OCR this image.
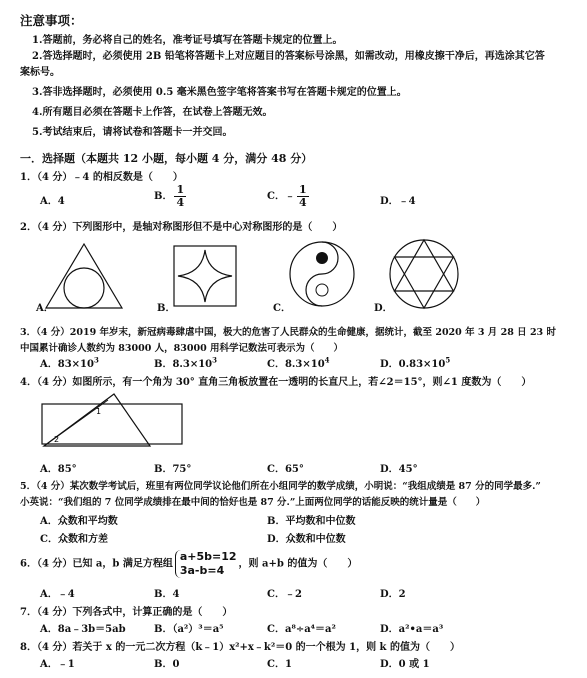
注意事项：
1.答题前，务必将自己的姓名，准考证号填写在答题卡规定的位置上。
2.答选择题时，必须使用 2B 铅笔将答题卡上对应题目的答案标号涂黑，如需改动，用橡皮擦干净后，再选涂其它答
案标号。
3.答非选择题时，必须使用 0.5 毫米黑色签字笔将答案书写在答题卡规定的位置上。
4.所有题目必须在答题卡上作答，在试卷上答题无效。
5.考试结束后，请将试卷和答题卡一并交回。
一．选择题（本题共 12 小题，每小题 4 分，满分 48 分）
1．（4 分）﹣4 的相反数是（　　）
A．4	B． $\frac{1}{4}$	C．﹣ $\frac{1}{4}$	D．﹣4
2．（4 分）下列图形中，是轴对称图形但不是中心对称图形的是（　　）
A．	B．	C．	D．
3．（4 分）2019 年岁末，新冠病毒肆虐中国，极大的危害了人民群众的生命健康，据统计，截至 2020 年 3 月 28 日 23 时
中国累计确诊人数约为 83000 人，83000 用科学记数法可表示为（　　）
A．$83\times 10^3$	B．$8.3\times 10^3$	C．$8.3\times 10^4$	D．$0.83\times 10^5$
4．（4 分）如图所示，有一个角为 30° 直角三角板放置在一透明的长直尺上，若∠2＝15°，则∠1 度数为（　　）
1
2
A．85°	B．75°	C．65°	D．45°
5．（4 分）某次数学考试后，班里有两位同学议论他们所在小组同学的数学成绩，小明说：“我组成绩是 87 分的同学最多.”
小英说：“我们组的 7 位同学成绩排在最中间的恰好也是 87 分.”上面两位同学的话能反映的统计量是（　　）
A．众数和平均数	B．平均数和中位数
C．众数和方差	D．众数和中位数
6．（4 分）已知 a，b 满足方程组
a+5b=12
3a-b=4	，则 a+b 的值为（　　）
A．﹣4	B．4	C．﹣2	D．2
7．（4 分）下列各式中，计算正确的是（　　）
A．8a﹣3b＝5ab	B．（a²）³＝a⁵	C．a⁸÷a⁴＝a²	D．a²•a＝a³
8．（4 分）若关于 x 的一元二次方程（k﹣1）x²+x﹣k²＝0 的一个根为 1，则 k 的值为（　　）
A．﹣1	B．0	C．1	D．0 或 1
